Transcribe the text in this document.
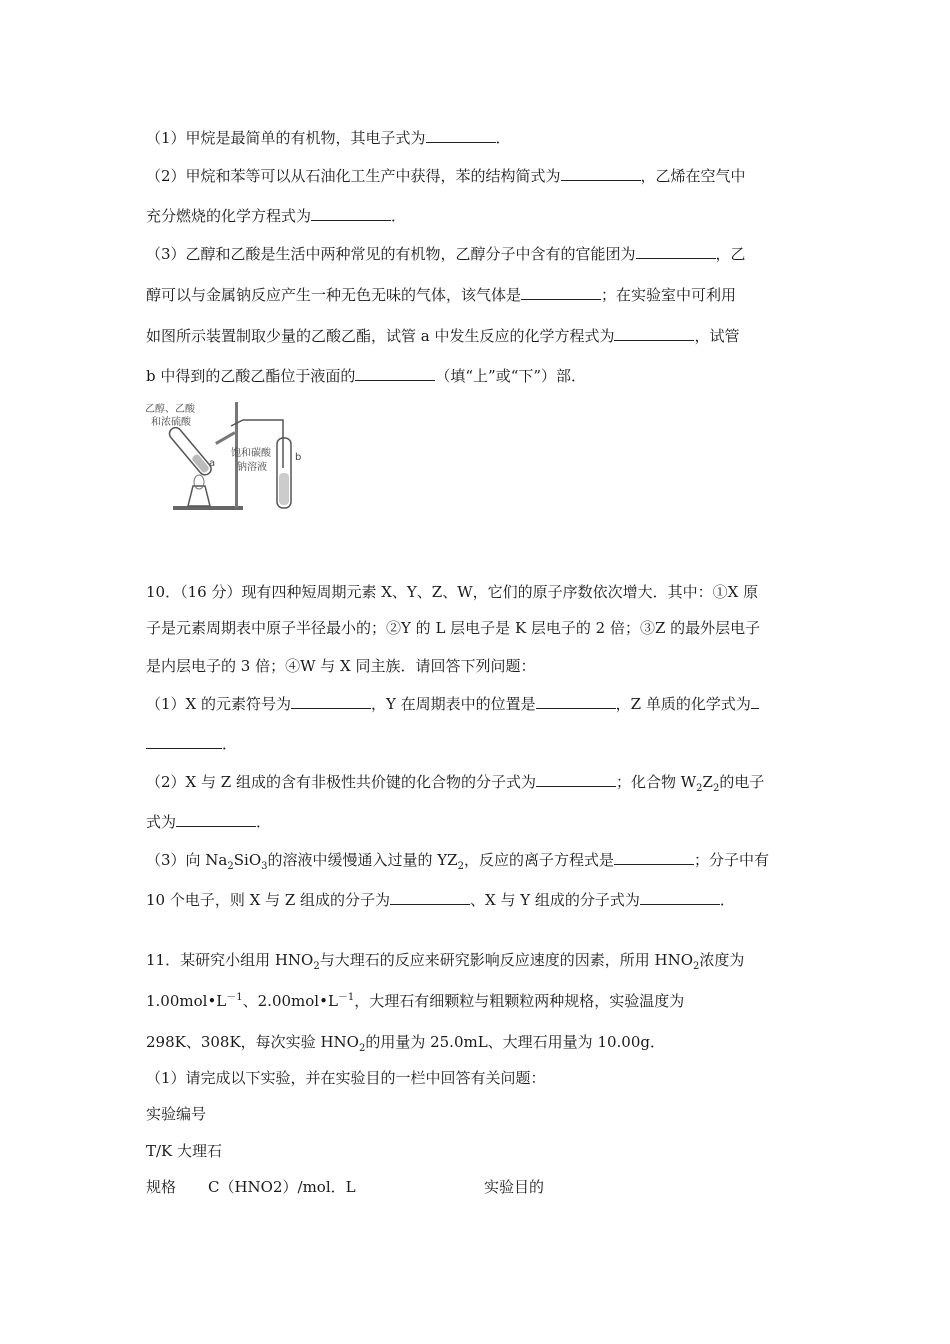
（1）甲烷是最简单的有机物，其电子式为	．
（2）甲烷和苯等可以从石油化工生产中获得，苯的结构简式为	，乙烯在空气中
充分燃烧的化学方程式为	．
（3）乙醇和乙酸是生活中两种常见的有机物，乙醇分子中含有的官能团为	，乙
醇可以与金属钠反应产生一种无色无味的气体，该气体是	；在实验室中可利用
如图所示装置制取少量的乙酸乙酯，试管 a 中发生反应的化学方程式为	，试管
b 中得到的乙酸乙酯位于液面的	（填“上”或“下”）部．
乙醇、乙酸
和浓硫酸
a
饱和碳酸
钠溶液
b
10．（16 分）现有四种短周期元素 X、Y、Z、W，它们的原子序数依次增大．其中：①X 原
子是元素周期表中原子半径最小的；②Y 的 L 层电子是 K 层电子的 2 倍；③Z 的最外层电子
是内层电子的 3 倍；④W 与 X 同主族．请回答下列问题：
（1）X 的元素符号为	，Y 在周期表中的位置是	，Z 单质的化学式为
．
（2）X 与 Z 组成的含有非极性共价键的化合物的分子式为	；化合物 $W_2Z_2$的电子
式为	．
（3）向 $Na_2SiO_3$的溶液中缓慢通入过量的 $YZ_2$，反应的离子方程式是	；分子中有
10 个电子，则 X 与 Z 组成的分子为	、X 与 Y 组成的分子式为	．
11．某研究小组用 $HNO_2$与大理石的反应来研究影响反应速度的因素，所用 $HNO_2$浓度为
$1.00mol•L^{-1}$、$2.00mol•L^{-1}$，大理石有细颗粒与粗颗粒两种规格，实验温度为
298K、308K，每次实验 $HNO_2$的用量为 25.0mL、大理石用量为 10.00g．
（1）请完成以下实验，并在实验目的一栏中回答有关问题：
实验编号
T/K 大理石
规格 C（HNO2）/mol．L	实验目的
